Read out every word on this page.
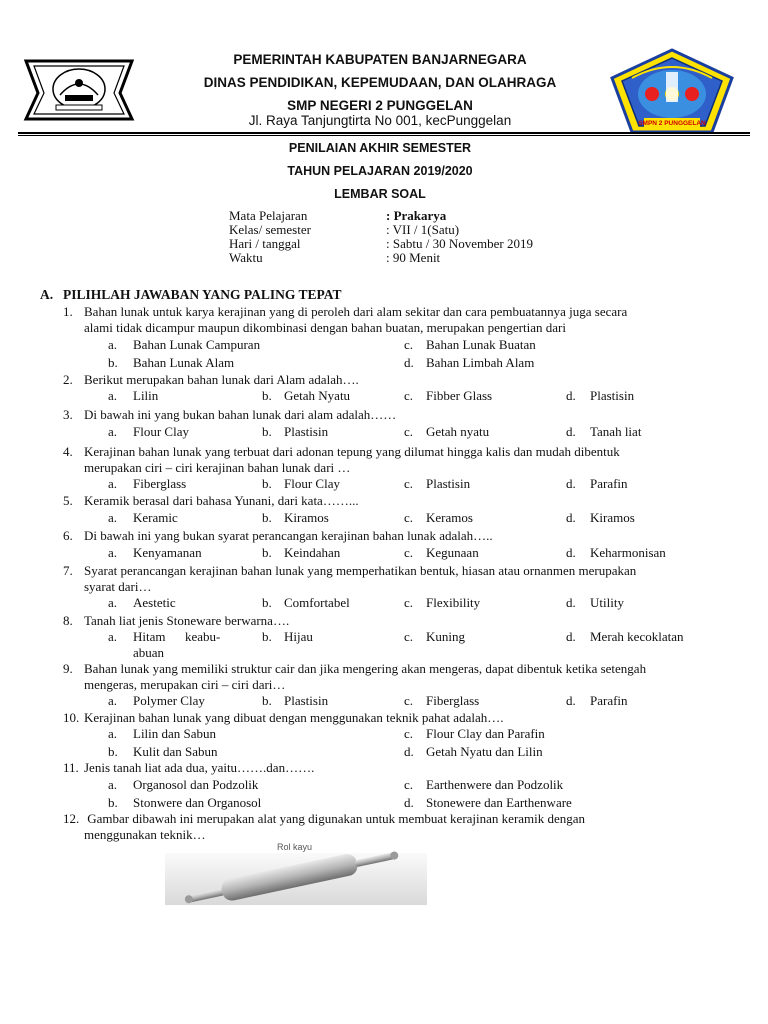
SMPN 2 PUNGGELAN
PEMERINTAH KABUPATEN BANJARNEGARA
DINAS PENDIDIKAN, KEPEMUDAAN, DAN OLAHRAGA
SMP NEGERI 2 PUNGGELAN
Jl. Raya Tanjungtirta No 001, kecPunggelan
PENILAIAN AKHIR SEMESTER
TAHUN PELAJARAN 2019/2020
LEMBAR SOAL
Mata Pelajaran	: Prakarya
Kelas/ semester	: VII / 1(Satu)
Hari / tanggal	: Sabtu / 30 November 2019
Waktu	: 90 Menit
A. PILIHLAH JAWABAN YANG PALING TEPAT
1. Bahan lunak untuk karya kerajinan yang di peroleh dari alam sekitar dan cara pembuatannya juga secara
alami tidak dicampur maupun dikombinasi dengan bahan buatan, merupakan pengertian dari
a. Bahan Lunak Campuran	c. Bahan Lunak Buatan
b. Bahan Lunak Alam	d. Bahan Limbah Alam
2. Berikut merupakan bahan lunak dari Alam adalah….
a. Lilin	b. Getah Nyatu	c. Fibber Glass	d. Plastisin
3. Di bawah ini yang bukan bahan lunak dari alam adalah……
a. Flour Clay	b. Plastisin	c. Getah nyatu	d. Tanah liat
4. Kerajinan bahan lunak yang terbuat dari adonan tepung yang dilumat hingga kalis dan mudah dibentuk
merupakan ciri – ciri kerajinan bahan lunak dari …
a. Fiberglass	b. Flour Clay	c. Plastisin	d. Parafin
5. Keramik berasal dari bahasa Yunani, dari kata……...
a. Keramic	b. Kiramos	c. Keramos	d. Kiramos
6. Di bawah ini yang bukan syarat perancangan kerajinan bahan lunak adalah…..
a. Kenyamanan	b. Keindahan	c. Kegunaan	d. Keharmonisan
7. Syarat perancangan kerajinan bahan lunak yang memperhatikan bentuk, hiasan atau ornanmen merupakan
syarat dari…
a. Aestetic	b. Comfortabel	c. Flexibility	d. Utility
8. Tanah liat jenis Stoneware berwarna….
a. Hitam      keabu-
abuan
b. Hijau	c. Kuning	d. Merah kecoklatan
9. Bahan lunak yang memiliki struktur cair dan jika mengering akan mengeras, dapat dibentuk ketika setengah
mengeras, merupakan ciri – ciri dari…
a. Polymer Clay	b. Plastisin	c. Fiberglass	d. Parafin
10. Kerajinan bahan lunak yang dibuat dengan menggunakan teknik pahat adalah….
a. Lilin dan Sabun	c. Flour Clay dan Parafin
b. Kulit dan Sabun	d. Getah Nyatu dan Lilin
11. Jenis tanah liat ada dua, yaitu…….dan…….
a. Organosol dan Podzolik	c. Earthenwere dan Podzolik
b. Stonwere dan Organosol	d. Stonewere dan Earthenware
12. Gambar dibawah ini merupakan alat yang digunakan untuk membuat kerajinan keramik dengan
menggunakan teknik…
Rol kayu
